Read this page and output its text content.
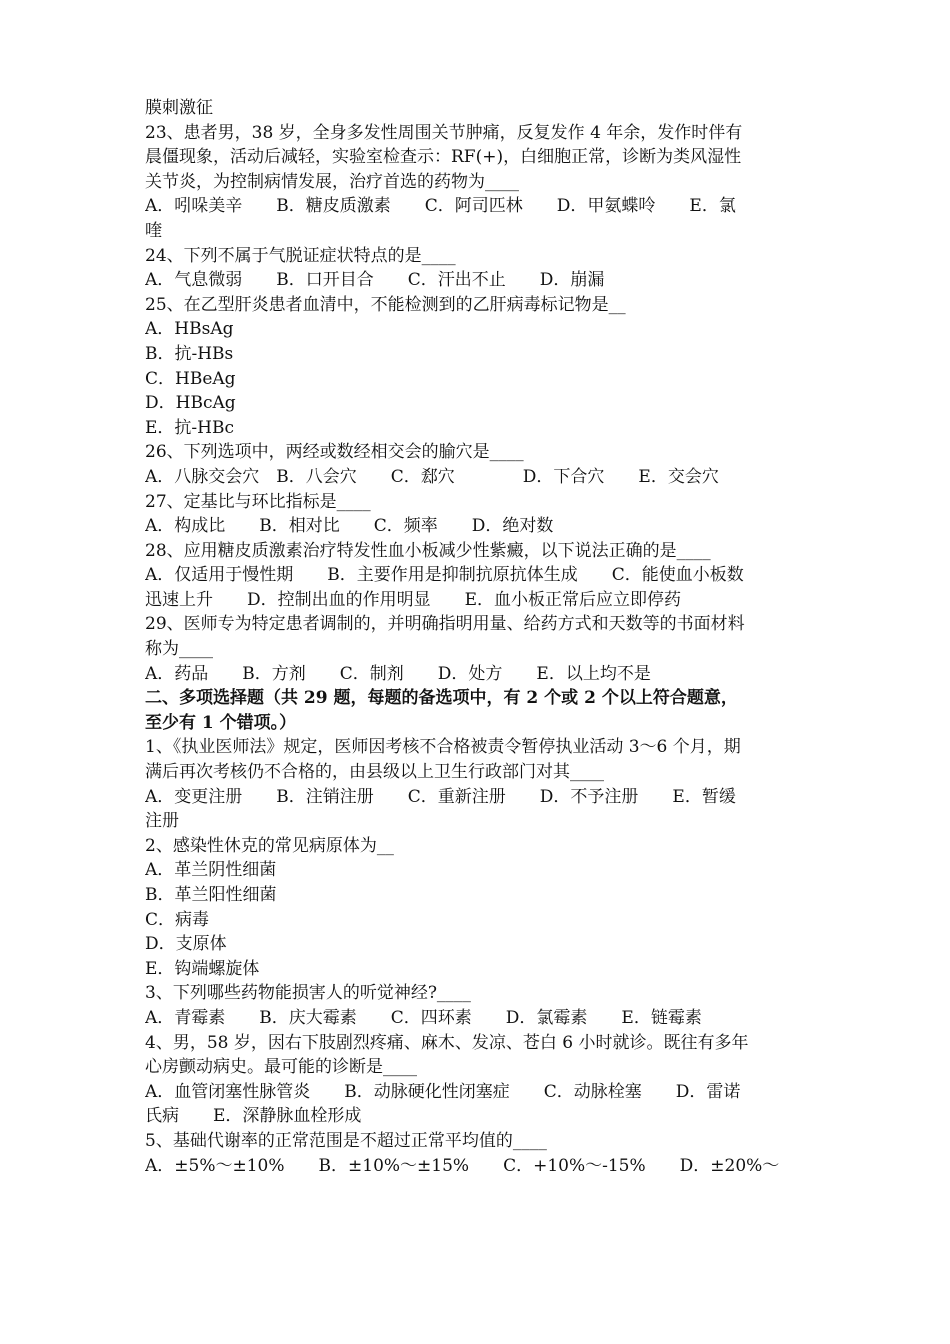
膜刺激征
23、患者男，38 岁，全身多发性周围关节肿痛，反复发作 4 年余，发作时伴有
晨僵现象，活动后减轻，实验室检查示：RF(+)，白细胞正常，诊断为类风湿性
关节炎，为控制病情发展，治疗首选的药物为____
A．吲哚美辛　　B．糖皮质激素　　C．阿司匹林　　D．甲氨蝶呤　　E．氯
喹
24、下列不属于气脱证症状特点的是____
A．气息微弱　　B．口开目合　　C．汗出不止　　D．崩漏
25、在乙型肝炎患者血清中，不能检测到的乙肝病毒标记物是__
A．HBsAg
B．抗-HBs
C．HBeAg
D．HBcAg
E．抗-HBc
26、下列选项中，两经或数经相交会的腧穴是____
A．八脉交会穴　B．八会穴　　C．郄穴　　　　D．下合穴　　E．交会穴
27、定基比与环比指标是____
A．构成比　　B．相对比　　C．频率　　D．绝对数
28、应用糖皮质激素治疗特发性血小板减少性紫癜，以下说法正确的是____
A．仅适用于慢性期　　B．主要作用是抑制抗原抗体生成　　C．能使血小板数
迅速上升　　D．控制出血的作用明显　　E．血小板正常后应立即停药
29、医师专为特定患者调制的，并明确指明用量、给药方式和天数等的书面材料
称为____
A．药品　　B．方剂　　C．制剂　　D．处方　　E．以上均不是
二、多项选择题（共 29 题，每题的备选项中，有 2 个或 2 个以上符合题意，
至少有 1 个错项。）
1、《执业医师法》规定，医师因考核不合格被责令暂停执业活动 3～6 个月，期
满后再次考核仍不合格的，由县级以上卫生行政部门对其____
A．变更注册　　B．注销注册　　C．重新注册　　D．不予注册　　E．暂缓
注册
2、感染性休克的常见病原体为__
A．革兰阴性细菌
B．革兰阳性细菌
C．病毒
D．支原体
E．钩端螺旋体
3、下列哪些药物能损害人的听觉神经?____
A．青霉素　　B．庆大霉素　　C．四环素　　D．氯霉素　　E．链霉素
4、男，58 岁，因右下肢剧烈疼痛、麻木、发凉、苍白 6 小时就诊。既往有多年
心房颤动病史。最可能的诊断是____
A．血管闭塞性脉管炎　　B．动脉硬化性闭塞症　　C．动脉栓塞　　D．雷诺
氏病　　E．深静脉血栓形成
5、基础代谢率的正常范围是不超过正常平均值的____
A．±5%～±10%　　B．±10%～±15%　　C．+10%～-15%　　D．±20%～
